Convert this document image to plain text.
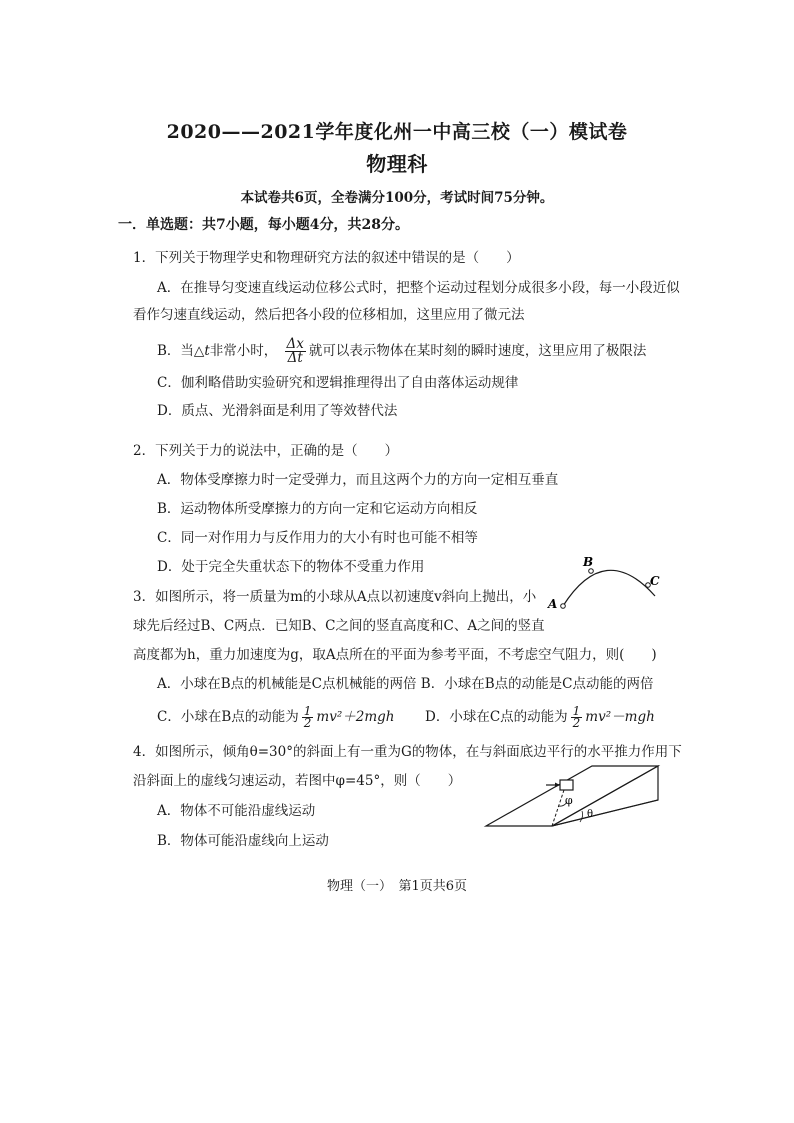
2020——2021学年度化州一中高三校（一）模试卷
物理科
本试卷共6页，全卷满分100分，考试时间75分钟。
一．单选题：共7小题，每小题4分，共28分。
1．下列关于物理学史和物理研究方法的叙述中错误的是（　　）
A．在推导匀变速直线运动位移公式时，把整个运动过程划分成很多小段，每一小段近似
看作匀速直线运动，然后把各小段的位移相加，这里应用了微元法
B．当△t非常小时， $\frac{\Delta x}{\Delta t}$ 就可以表示物体在某时刻的瞬时速度，这里应用了极限法
C．伽利略借助实验研究和逻辑推理得出了自由落体运动规律
D．质点、光滑斜面是利用了等效替代法
2．下列关于力的说法中，正确的是（　　）
A．物体受摩擦力时一定受弹力，而且这两个力的方向一定相互垂直
B．运动物体所受摩擦力的方向一定和它运动方向相反
C．同一对作用力与反作用力的大小有时也可能不相等
D．处于完全失重状态下的物体不受重力作用
3．如图所示，将一质量为m的小球从A点以初速度v斜向上抛出，小
球先后经过B、C两点．已知B、C之间的竖直高度和C、A之间的竖直
高度都为h，重力加速度为g，取A点所在的平面为参考平面，不考虑空气阻力，则(　　)
A．小球在B点的机械能是C点机械能的两倍 B．小球在B点的动能是C点动能的两倍
C．小球在B点的动能为 $\frac{1}{2} mv^2+2mgh$ D．小球在C点的动能为 $\frac{1}{2} mv^2-mgh$
A
B
C
4．如图所示，倾角θ=30°的斜面上有一重为G的物体，在与斜面底边平行的水平推力作用下
沿斜面上的虚线匀速运动，若图中φ=45°，则（　　）
A．物体不可能沿虚线运动
B．物体可能沿虚线向上运动
φ
θ
物理（一）　第1页共6页
